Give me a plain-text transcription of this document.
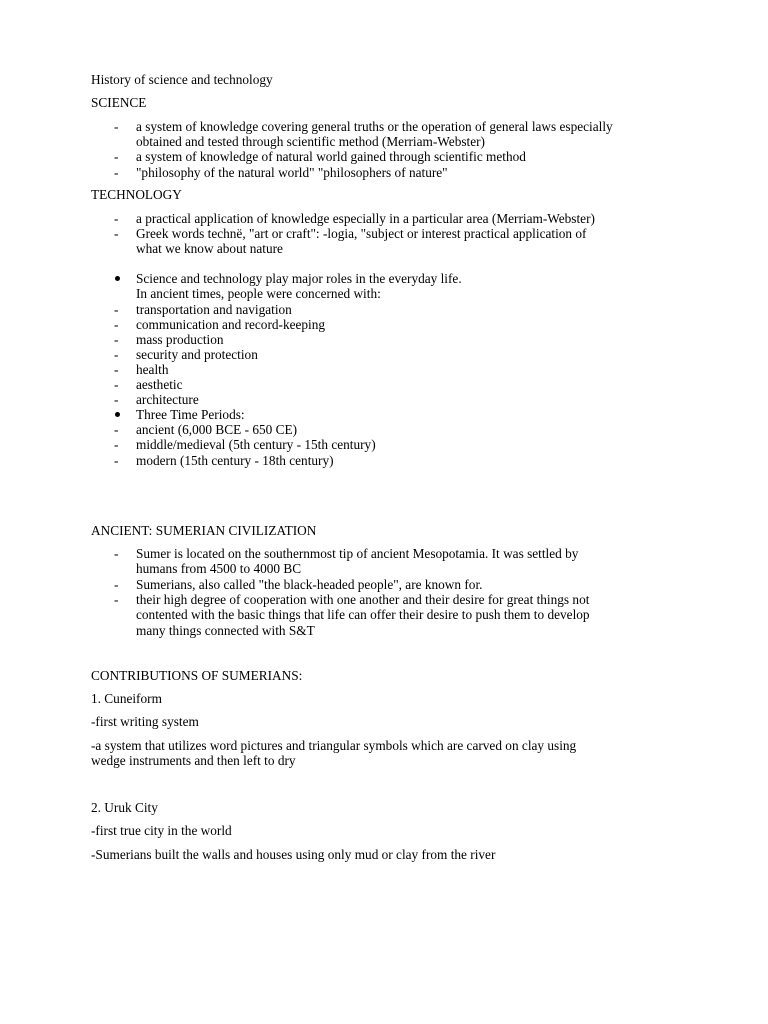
History of science and technology
SCIENCE
-	a system of knowledge covering general truths or the operation of general laws especially
obtained and tested through scientific method (Merriam-Webster)
-	a system of knowledge of natural world gained through scientific method
-	"philosophy of the natural world" "philosophers of nature"
TECHNOLOGY
-	a practical application of knowledge especially in a particular area (Merriam-Webster)
-	Greek words technë, "art or craft": -logia, "subject or interest practical application of
what we know about nature
Science and technology play major roles in the everyday life.
In ancient times, people were concerned with:
-	transportation and navigation
-	communication and record-keeping
-	mass production
-	security and protection
-	health
-	aesthetic
-	architecture
Three Time Periods:
-	ancient (6,000 BCE - 650 CE)
-	middle/medieval (5th century - 15th century)
-	modern (15th century - 18th century)
ANCIENT: SUMERIAN CIVILIZATION
-	Sumer is located on the southernmost tip of ancient Mesopotamia. It was settled by
humans from 4500 to 4000 BC
-	Sumerians, also called "the black-headed people", are known for.
-	their high degree of cooperation with one another and their desire for great things not
contented with the basic things that life can offer their desire to push them to develop
many things connected with S&T
CONTRIBUTIONS OF SUMERIANS:
1. Cuneiform
-first writing system
-a system that utilizes word pictures and triangular symbols which are carved on clay using
wedge instruments and then left to dry
2. Uruk City
-first true city in the world
-Sumerians built the walls and houses using only mud or clay from the river
